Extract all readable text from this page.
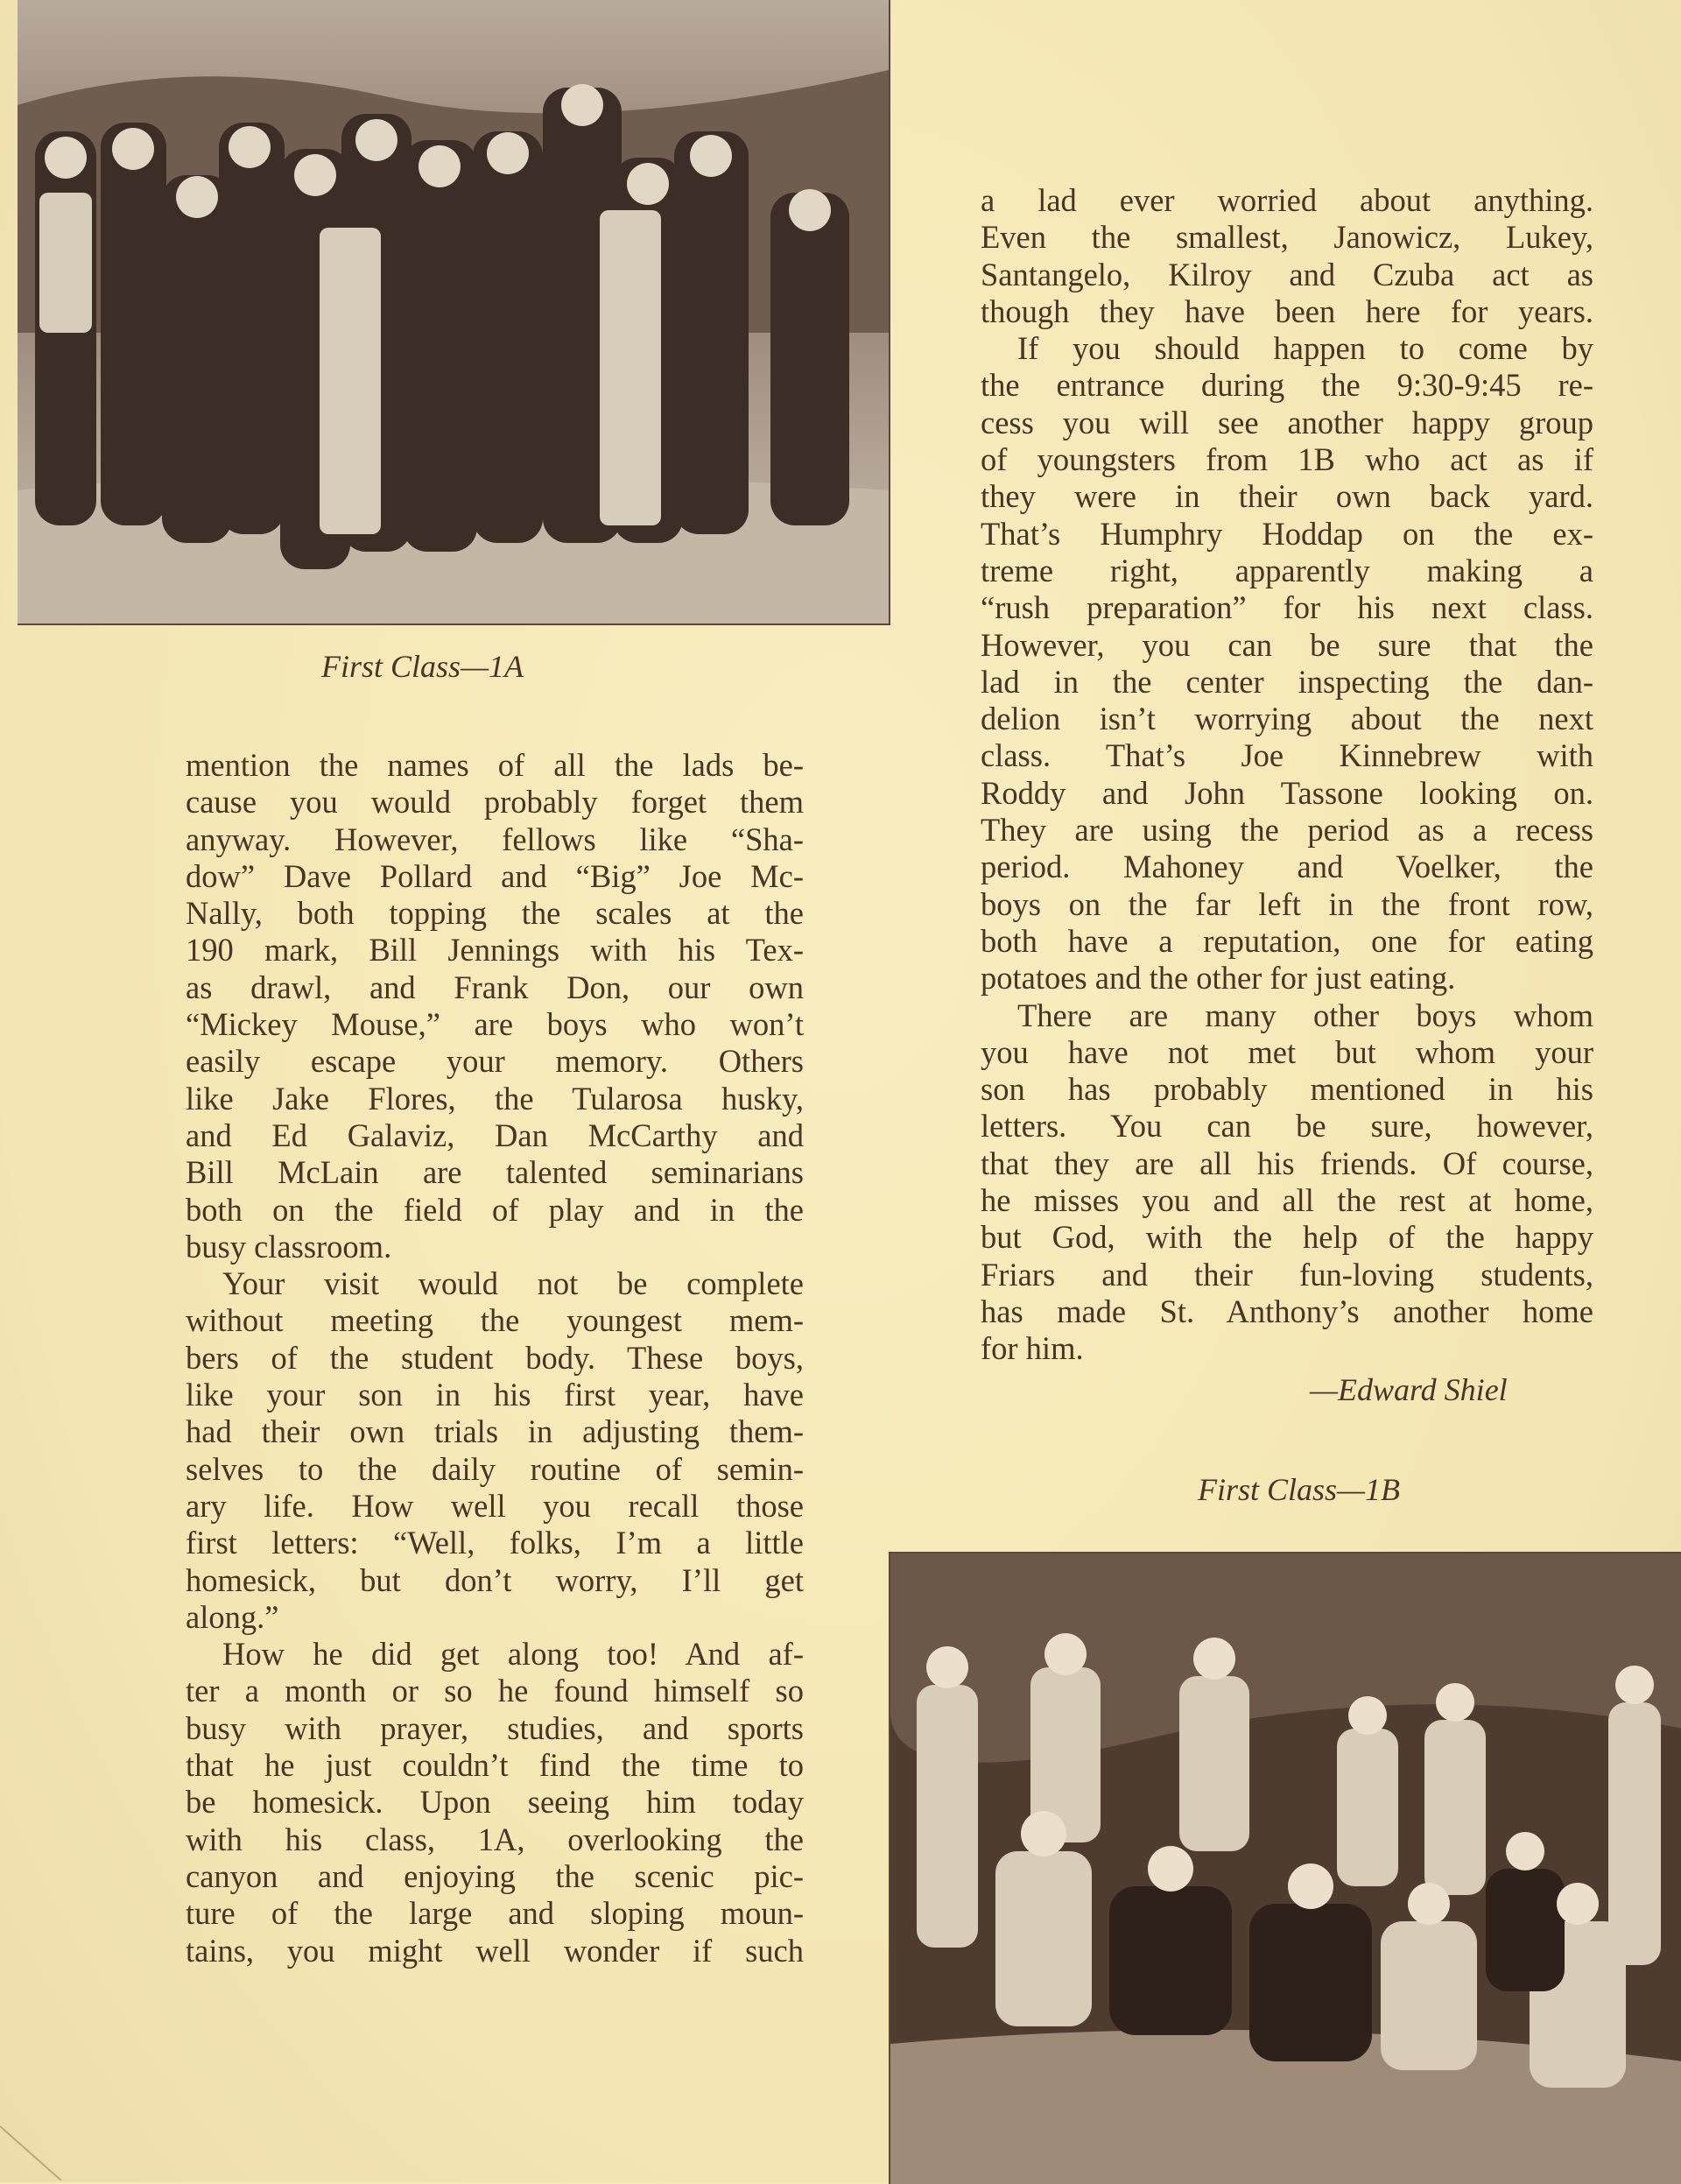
First Class—1A
First Class—1B
mention the names of all the lads be-
cause you would probably forget them
anyway. However, fellows like “Sha-
dow” Dave Pollard and “Big” Joe Mc-
Nally, both topping the scales at the
190 mark, Bill Jennings with his Tex-
as drawl, and Frank Don, our own
“Mickey Mouse,” are boys who won’t
easily escape your memory. Others
like Jake Flores, the Tularosa husky,
and Ed Galaviz, Dan McCarthy and
Bill McLain are talented seminarians
both on the field of play and in the
busy classroom.
Your visit would not be complete
without meeting the youngest mem-
bers of the student body. These boys,
like your son in his first year, have
had their own trials in adjusting them-
selves to the daily routine of semin-
ary life. How well you recall those
first letters: “Well, folks, I’m a little
homesick, but don’t worry, I’ll get
along.”
How he did get along too! And af-
ter a month or so he found himself so
busy with prayer, studies, and sports
that he just couldn’t find the time to
be homesick. Upon seeing him today
with his class, 1A, overlooking the
canyon and enjoying the scenic pic-
ture of the large and sloping moun-
tains, you might well wonder if such
a lad ever worried about anything.
Even the smallest, Janowicz, Lukey,
Santangelo, Kilroy and Czuba act as
though they have been here for years.
If you should happen to come by
the entrance during the 9:30-9:45 re-
cess you will see another happy group
of youngsters from 1B who act as if
they were in their own back yard.
That’s Humphry Hoddap on the ex-
treme right, apparently making a
“rush preparation” for his next class.
However, you can be sure that the
lad in the center inspecting the dan-
delion isn’t worrying about the next
class. That’s Joe Kinnebrew with
Roddy and John Tassone looking on.
They are using the period as a recess
period. Mahoney and Voelker, the
boys on the far left in the front row,
both have a reputation, one for eating
potatoes and the other for just eating.
There are many other boys whom
you have not met but whom your
son has probably mentioned in his
letters. You can be sure, however,
that they are all his friends. Of course,
he misses you and all the rest at home,
but God, with the help of the happy
Friars and their fun-loving students,
has made St. Anthony’s another home
for him.
—Edward Shiel
